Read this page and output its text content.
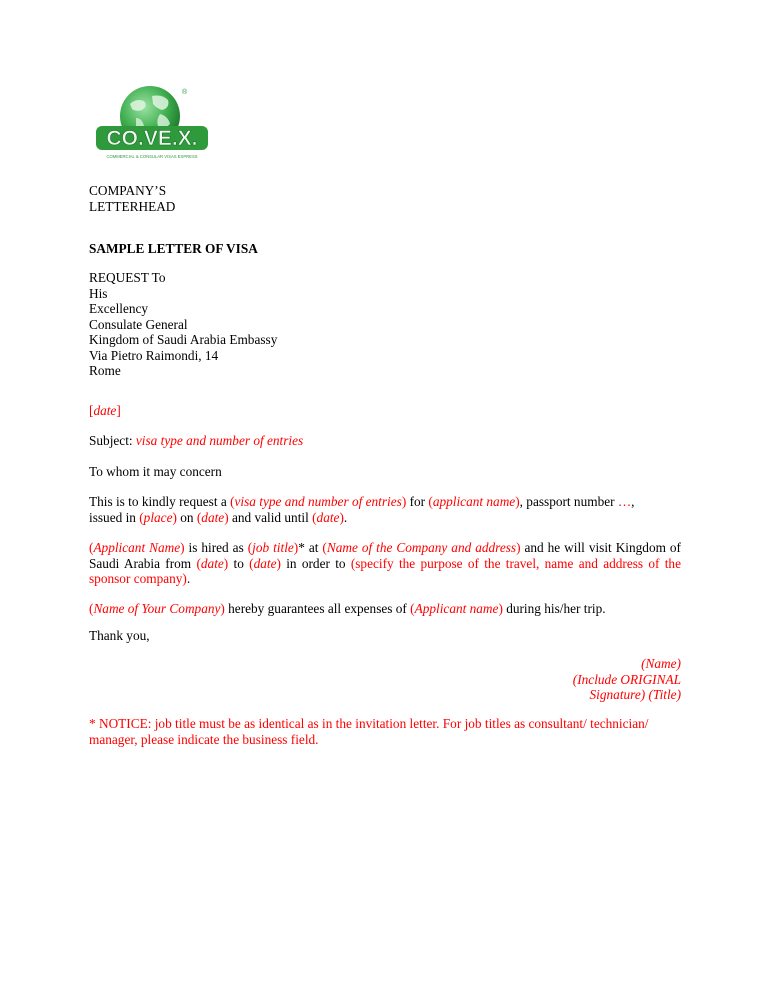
®
CO.VE.X.
COMMERCIAL & CONSULAR VISAS EXPRESS
COMPANY’S
LETTERHEAD
SAMPLE LETTER OF VISA
REQUEST To
His
Excellency
Consulate General
Kingdom of Saudi Arabia Embassy
Via Pietro Raimondi, 14
Rome
[date]
Subject: visa type and number of entries
To whom it may concern
This is to kindly request a (visa type and number of entries) for (applicant name), passport number …,
issued in (place) on (date) and valid until (date).
(Applicant Name) is hired as (job title)* at (Name of the Company and address) and he will visit Kingdom of Saudi Arabia from (date) to (date) in order to (specify the purpose of the travel, name and address of the sponsor company).
(Name of Your Company) hereby guarantees all expenses of (Applicant name) during his/her trip.
Thank you,
(Name)
(Include ORIGINAL
Signature) (Title)
* NOTICE: job title must be as identical as in the invitation letter. For job titles as consultant/ technician/
manager, please indicate the business field.
